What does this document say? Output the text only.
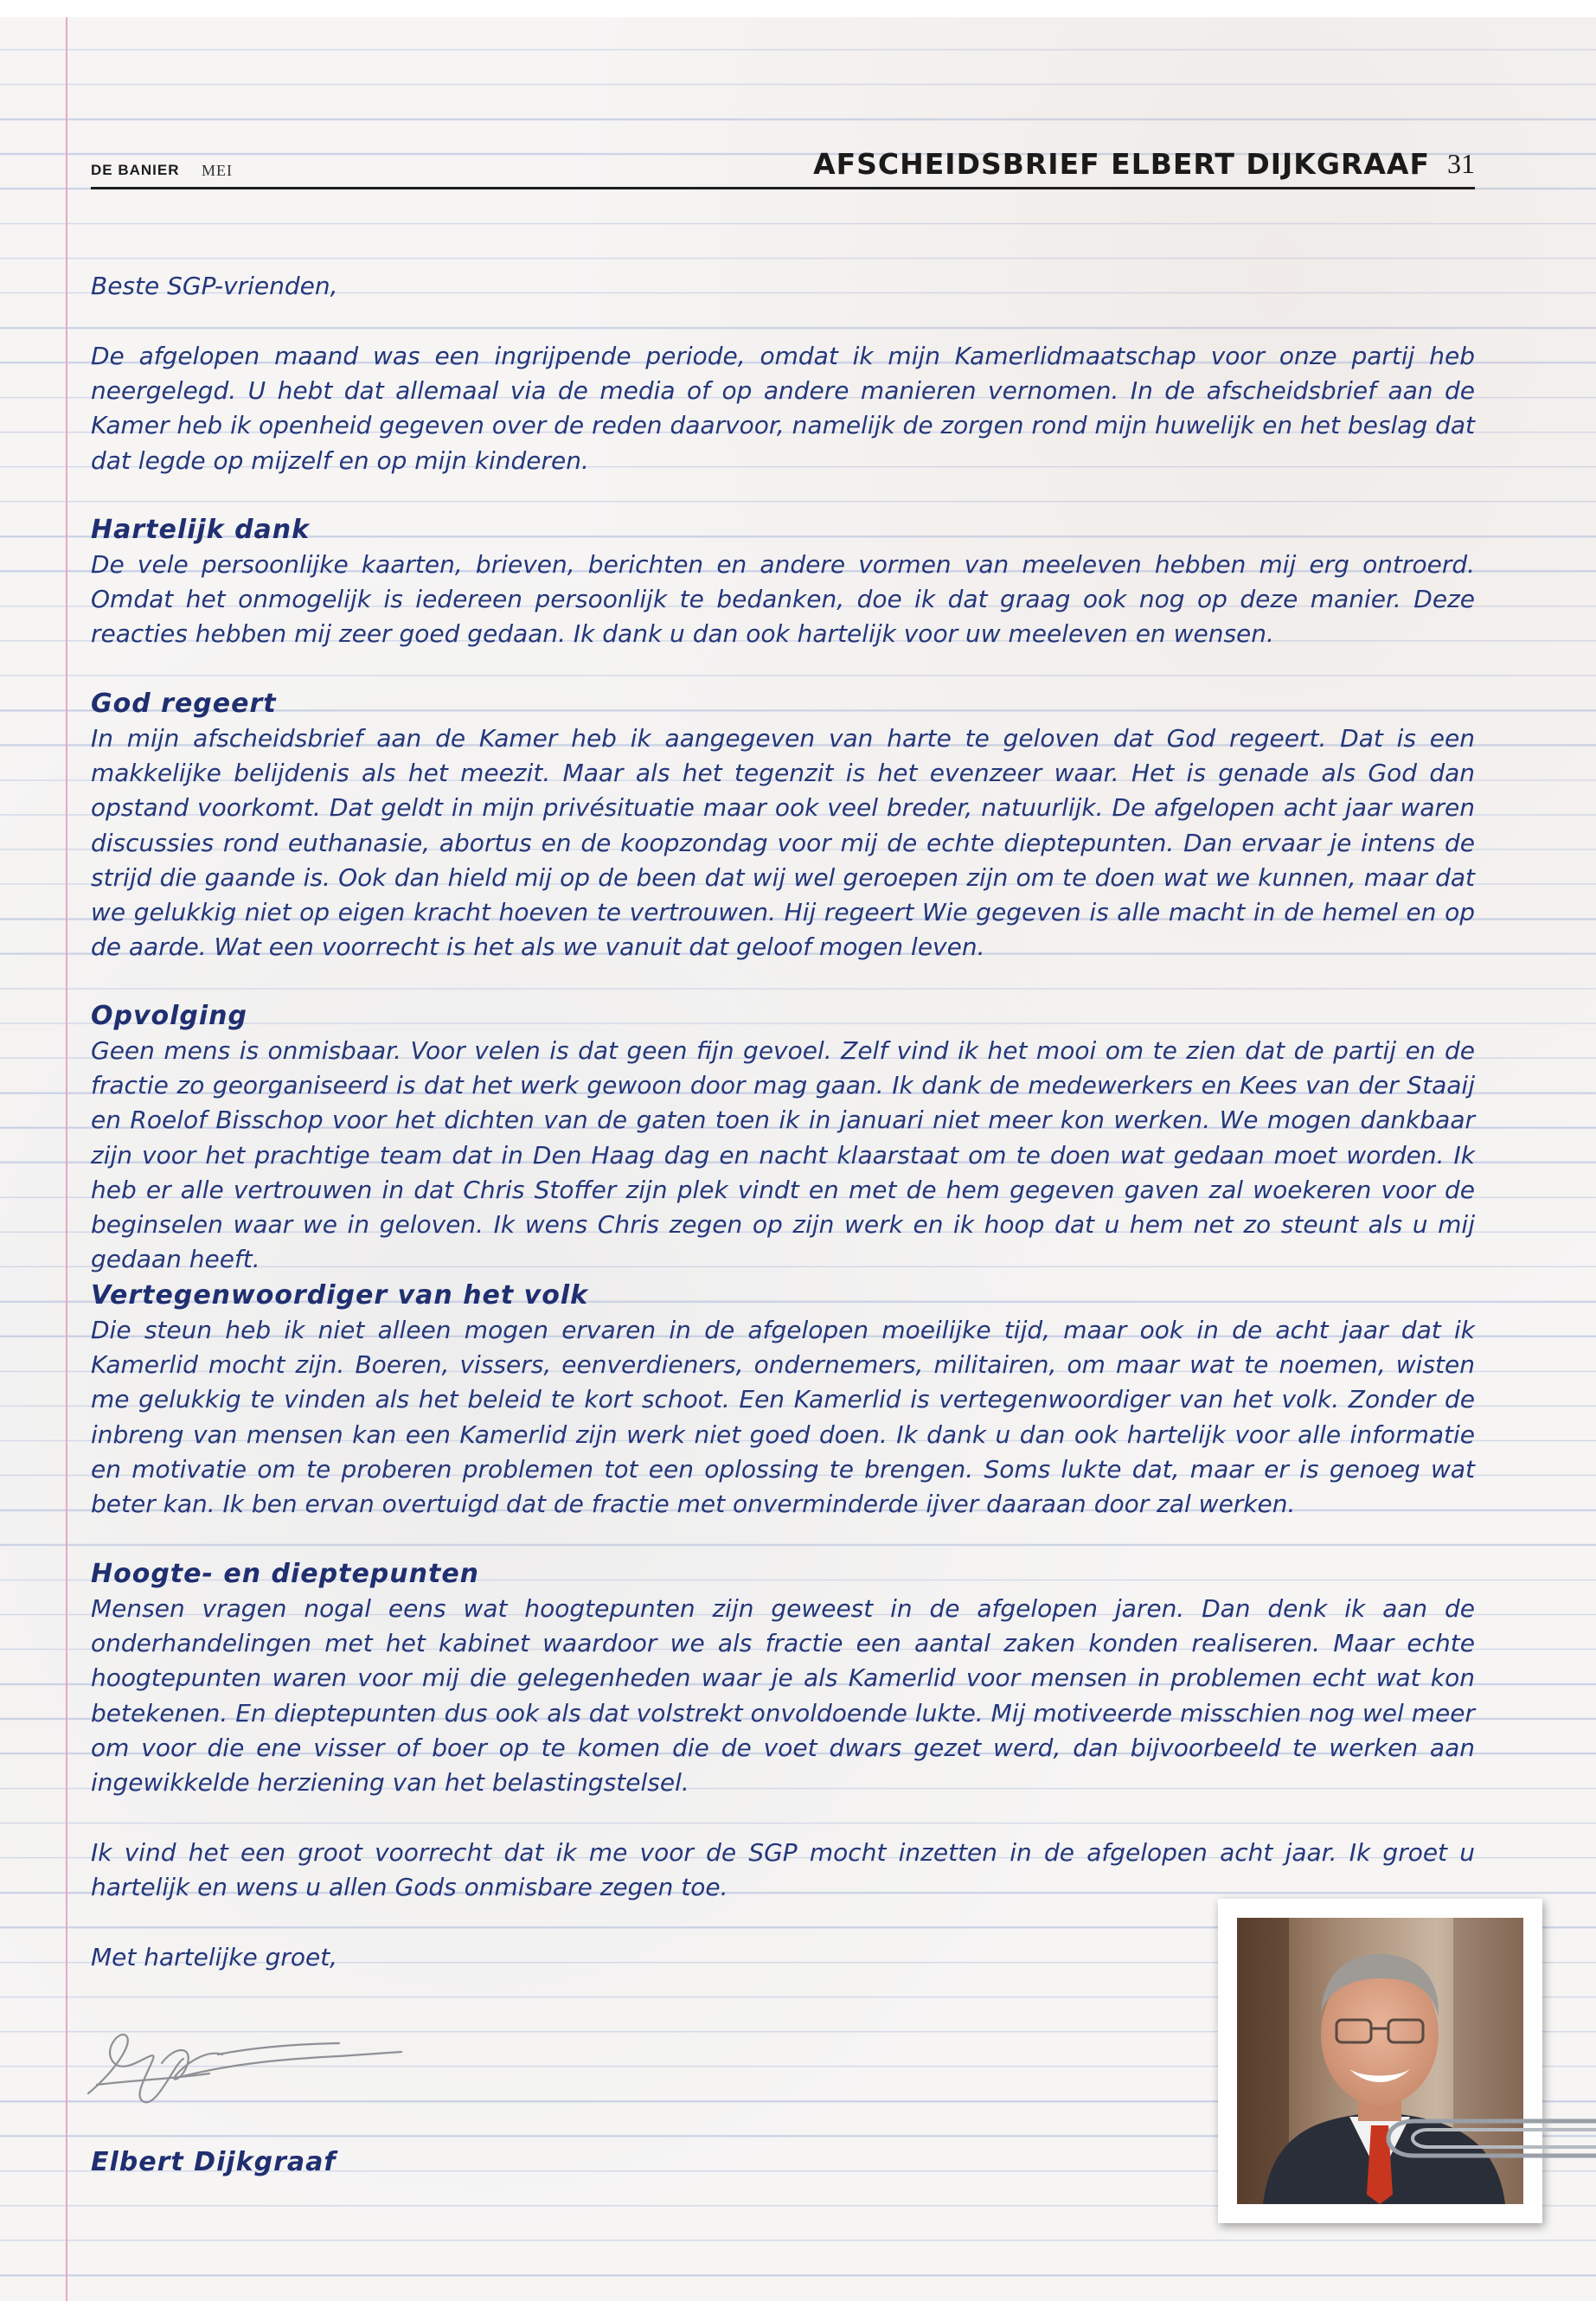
DE BANIER MEI	AFSCHEIDSBRIEF ELBERT DIJKGRAAF 31

Beste SGP-vrienden,

De afgelopen maand was een ingrijpende periode, omdat ik mijn Kamerlidmaatschap voor onze partij heb neergelegd. U hebt dat allemaal via de media of op andere manieren vernomen. In de afscheidsbrief aan de Kamer heb ik openheid gegeven over de reden daarvoor, namelijk de zorgen rond mijn huwelijk en het beslag dat dat legde op mijzelf en op mijn kinderen.

Hartelijk dank

De vele persoonlijke kaarten, brieven, berichten en andere vormen van meeleven hebben mij erg ontroerd. Omdat het onmogelijk is iedereen persoonlijk te bedanken, doe ik dat graag ook nog op deze manier. Deze reacties hebben mij zeer goed gedaan. Ik dank u dan ook hartelijk voor uw meeleven en wensen.

God regeert

In mijn afscheidsbrief aan de Kamer heb ik aangegeven van harte te geloven dat God regeert. Dat is een makkelijke belijdenis als het meezit. Maar als het tegenzit is het evenzeer waar. Het is genade als God dan opstand voorkomt. Dat geldt in mijn privésituatie maar ook veel breder, natuurlijk. De afgelopen acht jaar waren discussies rond euthanasie, abortus en de koopzondag voor mij de echte dieptepunten. Dan ervaar je intens de strijd die gaande is. Ook dan hield mij op de been dat wij wel geroepen zijn om te doen wat we kunnen, maar dat we gelukkig niet op eigen kracht hoeven te vertrouwen. Hij regeert Wie gegeven is alle macht in de hemel en op de aarde. Wat een voorrecht is het als we vanuit dat geloof mogen leven.

Opvolging

Geen mens is onmisbaar. Voor velen is dat geen fijn gevoel. Zelf vind ik het mooi om te zien dat de partij en de fractie zo georganiseerd is dat het werk gewoon door mag gaan. Ik dank de medewerkers en Kees van der Staaij en Roelof Bisschop voor het dichten van de gaten toen ik in januari niet meer kon werken. We mogen dankbaar zijn voor het prachtige team dat in Den Haag dag en nacht klaarstaat om te doen wat gedaan moet worden. Ik heb er alle vertrouwen in dat Chris Stoffer zijn plek vindt en met de hem gegeven gaven zal woekeren voor de beginselen waar we in geloven. Ik wens Chris zegen op zijn werk en ik hoop dat u hem net zo steunt als u mij gedaan heeft.

Vertegenwoordiger van het volk

Die steun heb ik niet alleen mogen ervaren in de afgelopen moeilijke tijd, maar ook in de acht jaar dat ik Kamerlid mocht zijn. Boeren, vissers, eenverdieners, ondernemers, militairen, om maar wat te noemen, wisten me gelukkig te vinden als het beleid te kort schoot. Een Kamerlid is vertegenwoordiger van het volk. Zonder de inbreng van mensen kan een Kamerlid zijn werk niet goed doen. Ik dank u dan ook hartelijk voor alle informatie en motivatie om te proberen problemen tot een oplossing te brengen. Soms lukte dat, maar er is genoeg wat beter kan. Ik ben ervan overtuigd dat de fractie met onverminderde ijver daaraan door zal werken.

Hoogte- en dieptepunten

Mensen vragen nogal eens wat hoogtepunten zijn geweest in de afgelopen jaren. Dan denk ik aan de onderhandelingen met het kabinet waardoor we als fractie een aantal zaken konden realiseren. Maar echte hoogtepunten waren voor mij die gelegenheden waar je als Kamerlid voor mensen in problemen echt wat kon betekenen. En dieptepunten dus ook als dat volstrekt onvoldoende lukte. Mij motiveerde misschien nog wel meer om voor die ene visser of boer op te komen die de voet dwars gezet werd, dan bijvoorbeeld te werken aan ingewikkelde herziening van het belastingstelsel.

Ik vind het een groot voorrecht dat ik me voor de SGP mocht inzetten in de afgelopen acht jaar. Ik groet u hartelijk en wens u allen Gods onmisbare zegen toe.

Met hartelijke groet,

Elbert Dijkgraaf
